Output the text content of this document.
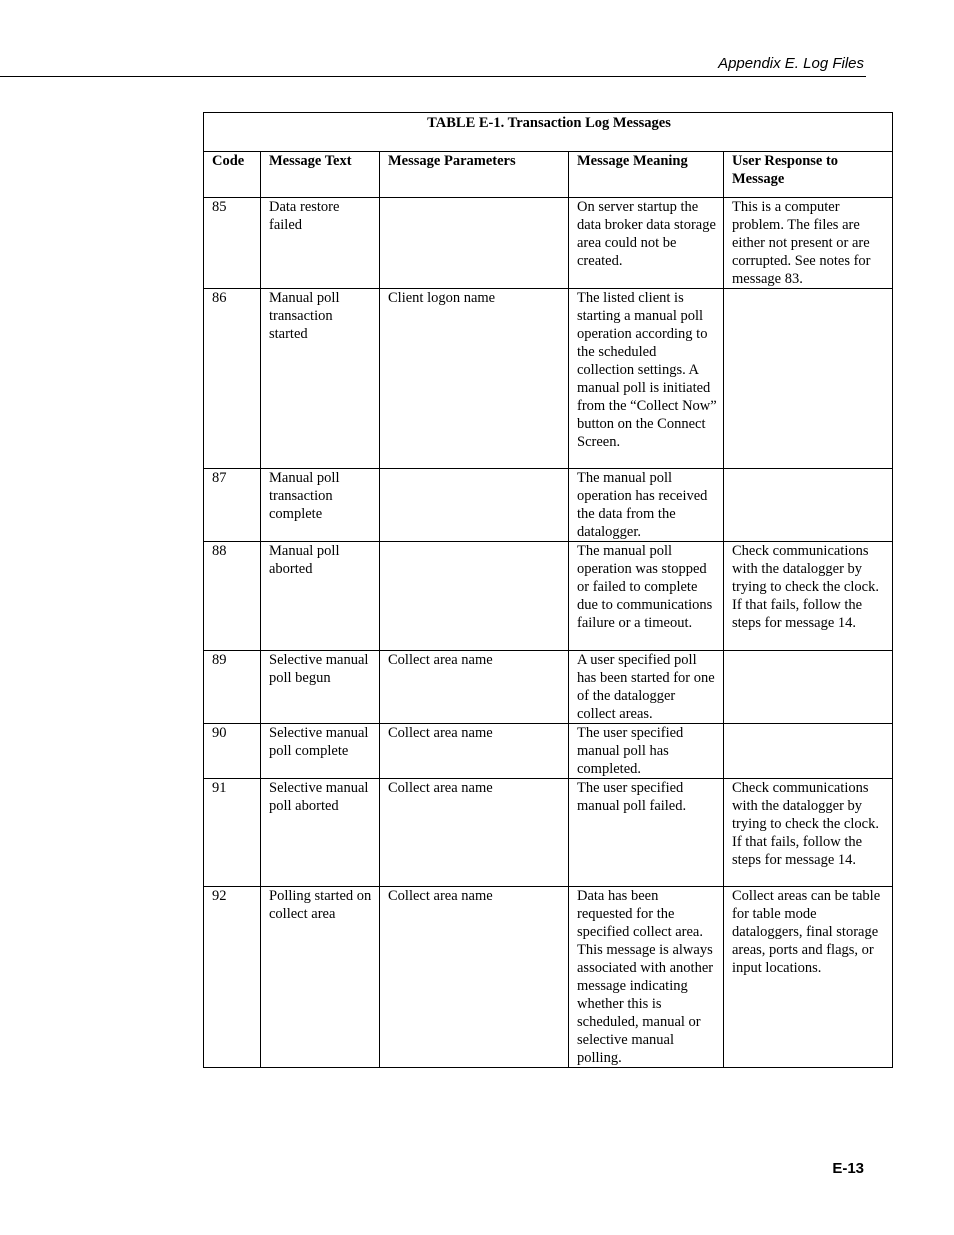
Appendix E. Log Files
TABLE E-1. Transaction Log Messages				
Code	Message Text	Message Parameters	Message Meaning	User Response to Message
85	Data restore failed		On server startup the data broker data storage area could not be created.	This is a computer problem. The files are either not present or are corrupted. See notes for message 83.
86	Manual poll transaction started	Client logon name	The listed client is starting a manual poll operation according to the scheduled collection settings. A manual poll is initiated from the “Collect Now” button on the Connect Screen.	
87	Manual poll transaction complete		The manual poll operation has received the data from the datalogger.	
88	Manual poll aborted		The manual poll operation was stopped or failed to complete due to communications failure or a timeout.	Check communications with the datalogger by trying to check the clock. If that fails, follow the steps for message 14.
89	Selective manual poll begun	Collect area name	A user specified poll has been started for one of the datalogger collect areas.	
90	Selective manual poll complete	Collect area name	The user specified manual poll has completed.	
91	Selective manual poll aborted	Collect area name	The user specified manual poll failed.	Check communications with the datalogger by trying to check the clock. If that fails, follow the steps for message 14.
92	Polling started on collect area	Collect area name	Data has been requested for the specified collect area. This message is always associated with another message indicating whether this is scheduled, manual or selective manual polling.	Collect areas can be table for table mode dataloggers, final storage areas, ports and flags, or input locations.
E-13
